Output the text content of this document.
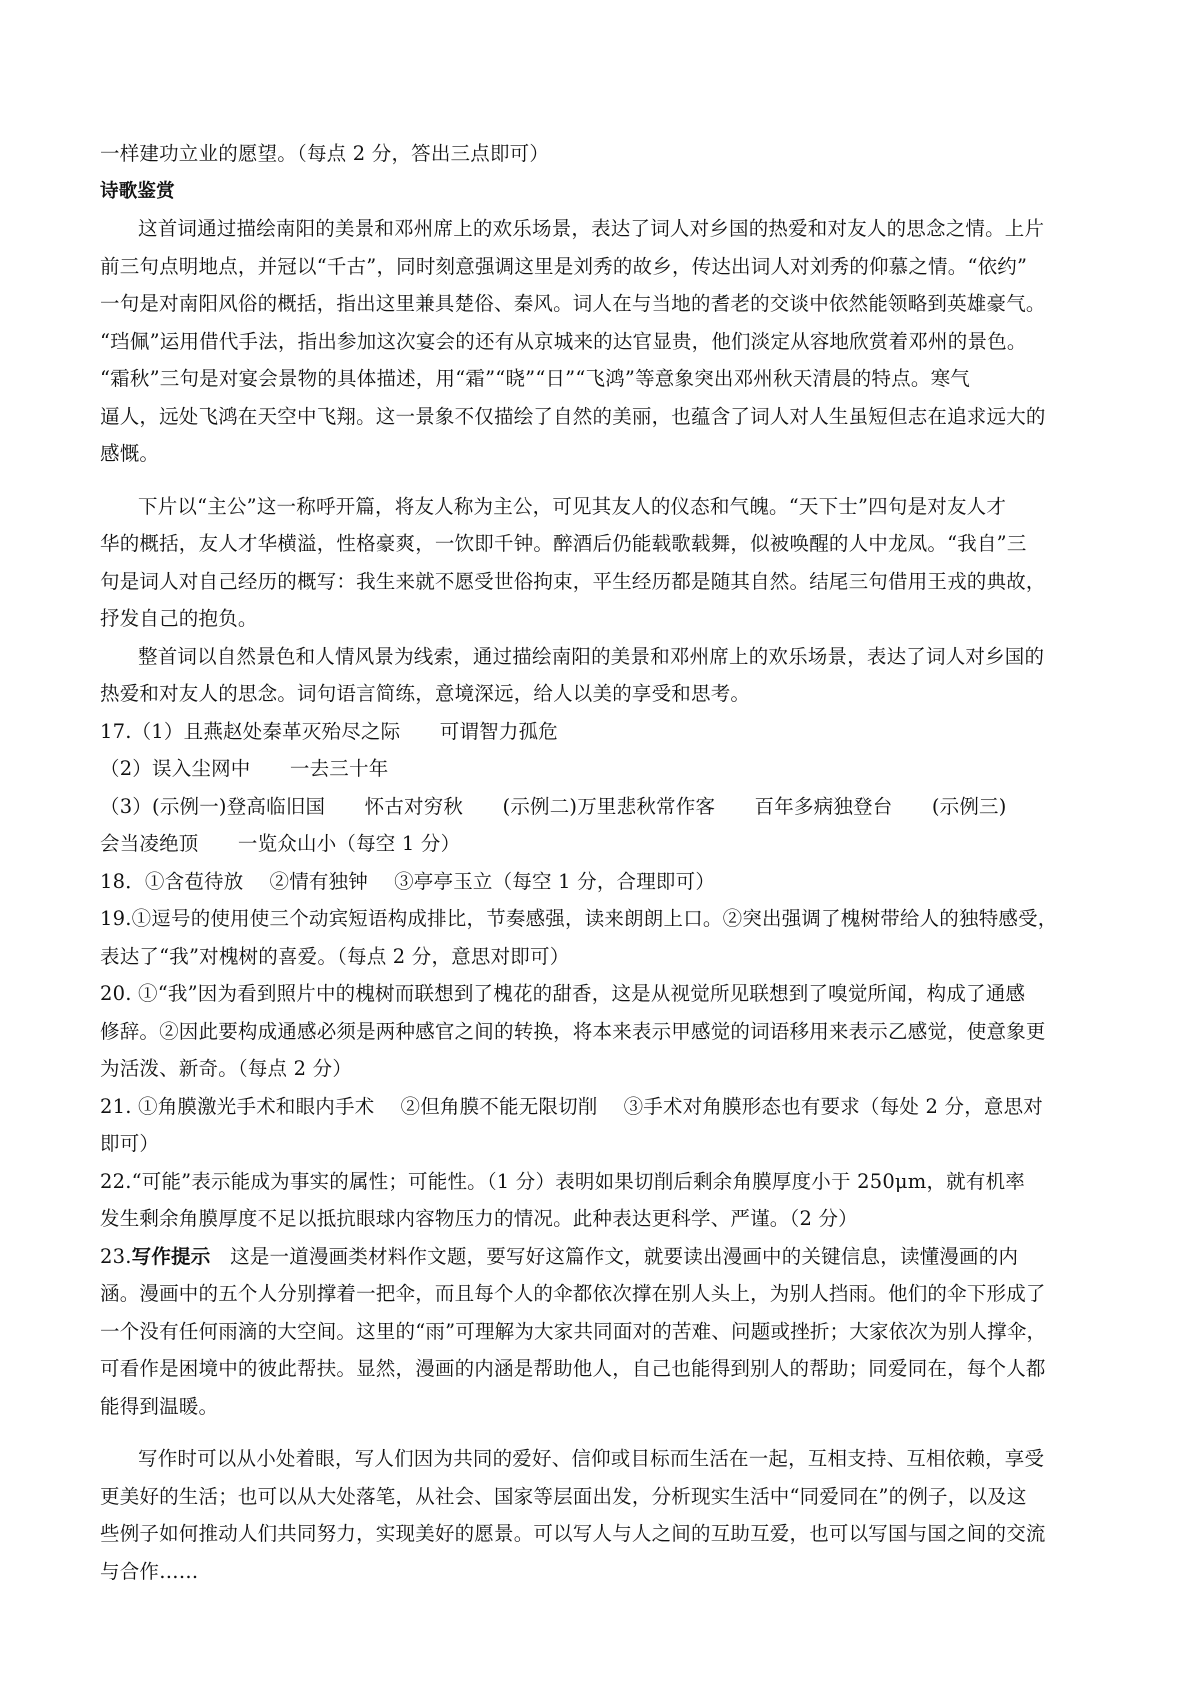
一样建功立业的愿望。（每点 2 分，答出三点即可）
诗歌鉴赏
这首词通过描绘南阳的美景和邓州席上的欢乐场景，表达了词人对乡国的热爱和对友人的思念之情。上片
前三句点明地点，并冠以“千古”，同时刻意强调这里是刘秀的故乡，传达出词人对刘秀的仰慕之情。“依约”
一句是对南阳风俗的概括，指出这里兼具楚俗、秦风。词人在与当地的耆老的交谈中依然能领略到英雄豪气。
“珰佩”运用借代手法，指出参加这次宴会的还有从京城来的达官显贵，他们淡定从容地欣赏着邓州的景色。
“霜秋”三句是对宴会景物的具体描述，用“霜”“晓”“日”“飞鸿”等意象突出邓州秋天清晨的特点。寒气
逼人，远处飞鸿在天空中飞翔。这一景象不仅描绘了自然的美丽，也蕴含了词人对人生虽短但志在追求远大的
感慨。
下片以“主公”这一称呼开篇，将友人称为主公，可见其友人的仪态和气魄。“天下士”四句是对友人才
华的概括，友人才华横溢，性格豪爽，一饮即千钟。醉酒后仍能载歌载舞，似被唤醒的人中龙凤。“我自”三
句是词人对自己经历的概写：我生来就不愿受世俗拘束，平生经历都是随其自然。结尾三句借用王戎的典故，
抒发自己的抱负。
整首词以自然景色和人情风景为线索，通过描绘南阳的美景和邓州席上的欢乐场景，表达了词人对乡国的
热爱和对友人的思念。词句语言简练，意境深远，给人以美的享受和思考。
17.（1）且燕赵处秦革灭殆尽之际　　可谓智力孤危
（2）误入尘网中　　一去三十年
（3）(示例一)登高临旧国　　怀古对穷秋　　(示例二)万里悲秋常作客　　百年多病独登台　　(示例三)
会当凌绝顶　　一览众山小（每空 1 分）
18．①含苞待放　 ②情有独钟　 ③亭亭玉立（每空 1 分，合理即可）
19.①逗号的使用使三个动宾短语构成排比，节奏感强，读来朗朗上口。②突出强调了槐树带给人的独特感受，
表达了“我”对槐树的喜爱。（每点 2 分，意思对即可）
20. ①“我”因为看到照片中的槐树而联想到了槐花的甜香，这是从视觉所见联想到了嗅觉所闻，构成了通感
修辞。②因此要构成通感必须是两种感官之间的转换，将本来表示甲感觉的词语移用来表示乙感觉，使意象更
为活泼、新奇。（每点 2 分）
21. ①角膜激光手术和眼内手术　 ②但角膜不能无限切削　 ③手术对角膜形态也有要求（每处 2 分，意思对
即可）
22.“可能”表示能成为事实的属性；可能性。（1 分）表明如果切削后剩余角膜厚度小于 250μm，就有机率
发生剩余角膜厚度不足以抵抗眼球内容物压力的情况。此种表达更科学、严谨。（2 分）
23.写作提示　 这是一道漫画类材料作文题，要写好这篇作文，就要读出漫画中的关键信息，读懂漫画的内
涵。漫画中的五个人分别撑着一把伞，而且每个人的伞都依次撑在别人头上，为别人挡雨。他们的伞下形成了
一个没有任何雨滴的大空间。这里的“雨”可理解为大家共同面对的苦难、问题或挫折；大家依次为别人撑伞，
可看作是困境中的彼此帮扶。显然，漫画的内涵是帮助他人，自己也能得到别人的帮助；同爱同在，每个人都
能得到温暖。
写作时可以从小处着眼，写人们因为共同的爱好、信仰或目标而生活在一起，互相支持、互相依赖，享受
更美好的生活；也可以从大处落笔，从社会、国家等层面出发，分析现实生活中“同爱同在”的例子，以及这
些例子如何推动人们共同努力，实现美好的愿景。可以写人与人之间的互助互爱，也可以写国与国之间的交流
与合作……
